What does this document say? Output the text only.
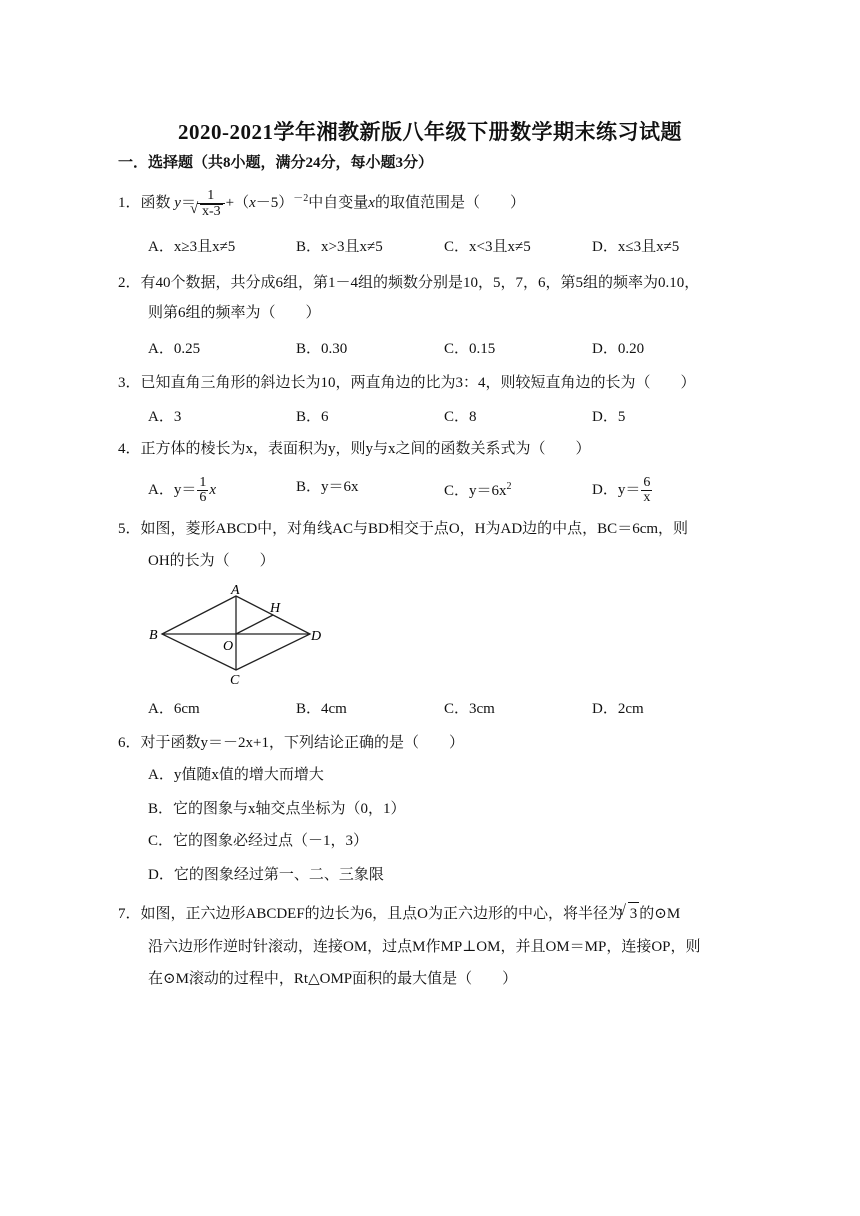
2020-2021学年湘教新版八年级下册数学期末练习试题
一．选择题（共8小题，满分24分，每小题3分）
1．函数 y＝ 1
√ $x-3 +(x-5)^{-2}$中自变量x的取值范围是（　　）
A．x≥3且x≠5	B．x>3且x≠5	C．x<3且x≠5	D．x≤3且x≠5
2．有40个数据，共分成6组，第1－4组的频数分别是10，5，7，6，第5组的频率为0.10，
则第6组的频率为（　　）
A．0.25	B．0.30	C．0.15	D．0.20
3．已知直角三角形的斜边长为10，两直角边的比为3：4，则较短直角边的长为（　　）
A．3	B．6	C．8	D．5
4．正方体的棱长为x，表面积为y，则y与x之间的函数关系式为（　　）
A．$y= \frac{1}{6}$ x	B．y＝6x	C．$y=6x^2$	D．$y= \frac{6}{x}$
5．如图，菱形ABCD中，对角线AC与BD相交于点O，H为AD边的中点，BC＝6cm，则
OH的长为（　　）
A
B
C
D
O
H
A．6cm	B．4cm	C．3cm	D．2cm
6．对于函数y＝－2x+1，下列结论正确的是（　　）
A．y值随x值的增大而增大
B．它的图象与x轴交点坐标为（0，1）
C．它的图象必经过点（－1，3）
D．它的图象经过第一、二、三象限
7．如图，正六边形ABCDEF的边长为6，且点O为正六边形的中心，将半径为 √ 3 的⊙M
沿六边形作逆时针滚动，连接OM，过点M作MP⊥OM，并且OM＝MP，连接OP，则
在⊙M滚动的过程中，Rt△OMP面积的最大值是（　　）
